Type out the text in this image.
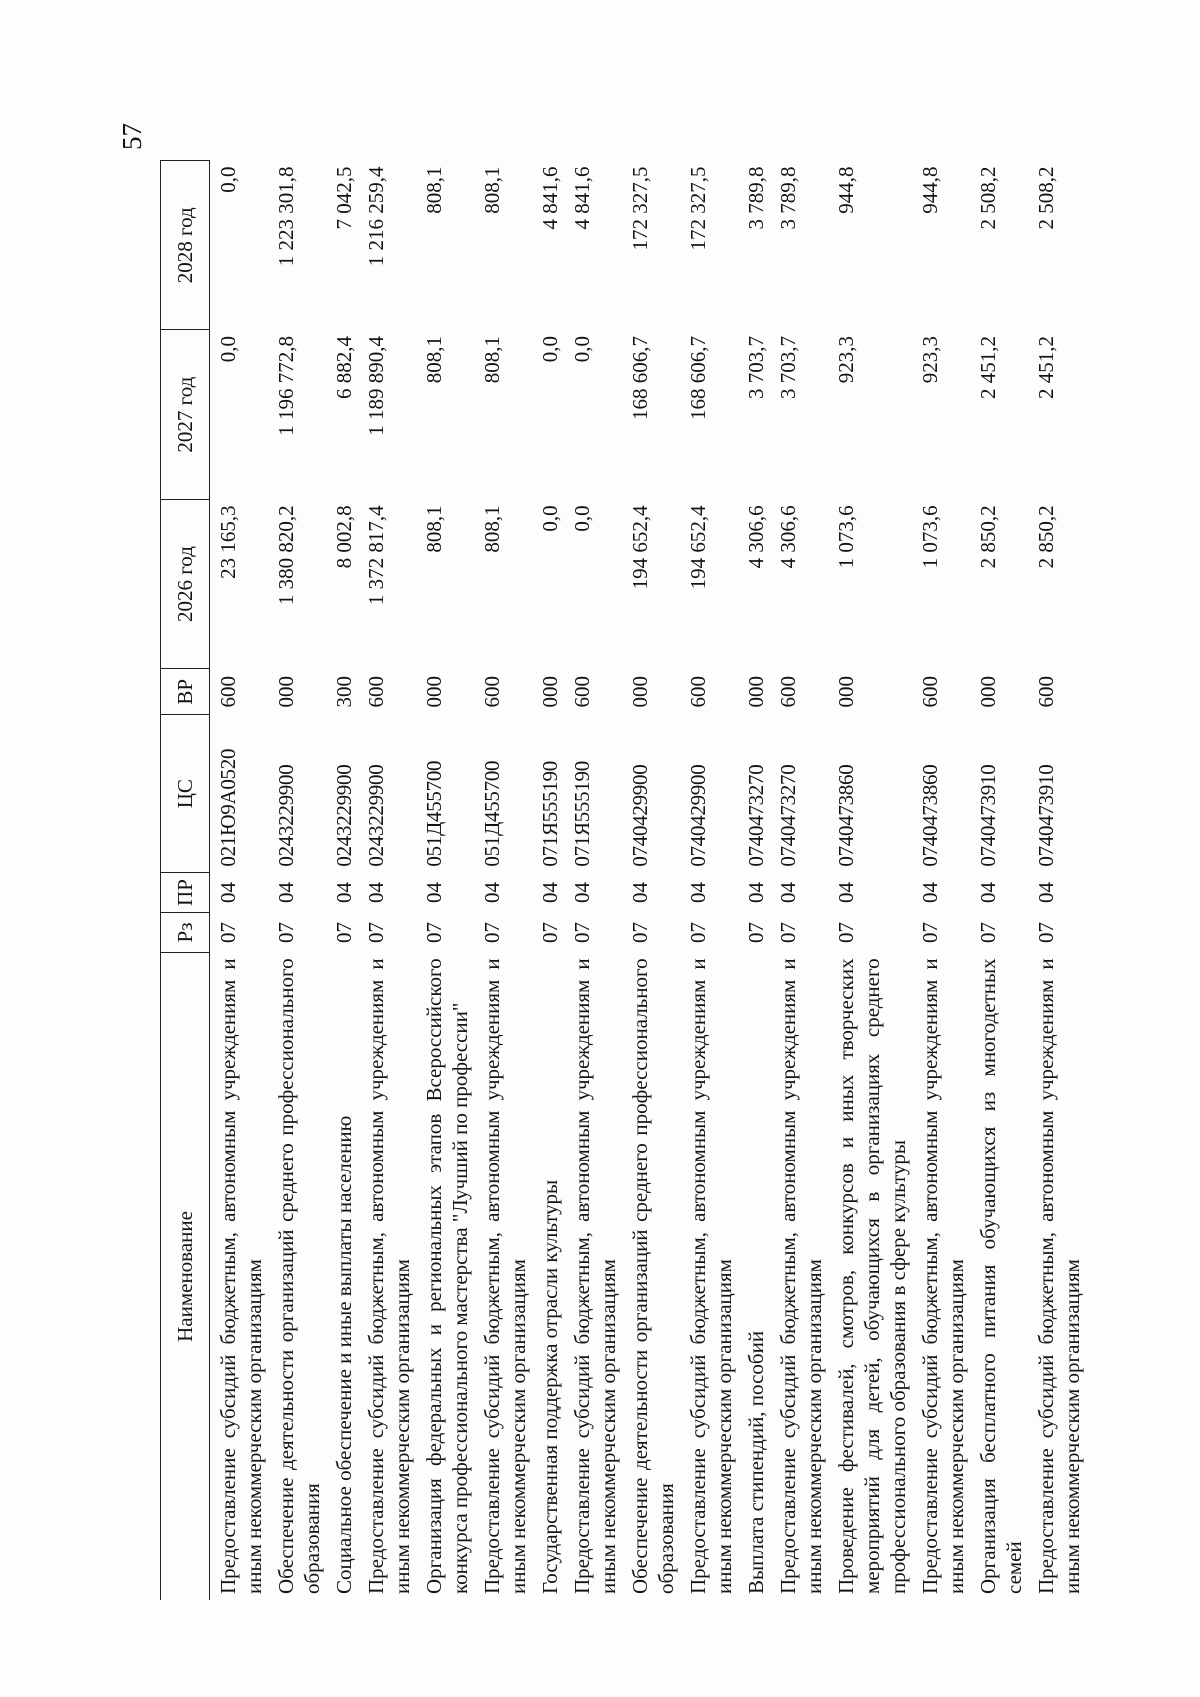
57
Наименование	Рз	ПР	ЦС	ВР	2026 год	2027 год	2028 год
Предоставление субсидий бюджетным, автономным учреждениям и иным некоммерческим организациям	07	04	021Ю9А0520	600	23 165,3	0,0	0,0
Обеспечение деятельности организаций среднего профессионального образования	07	04	0243229900	000	1 380 820,2	1 196 772,8	1 223 301,8
Социальное обеспечение и иные выплаты населению	07	04	0243229900	300	8 002,8	6 882,4	7 042,5
Предоставление субсидий бюджетным, автономным учреждениям и иным некоммерческим организациям	07	04	0243229900	600	1 372 817,4	1 189 890,4	1 216 259,4
Организация федеральных и региональных этапов Всероссийского конкурса профессионального мастерства "Лучший по профессии"	07	04	051Д455700	000	808,1	808,1	808,1
Предоставление субсидий бюджетным, автономным учреждениям и иным некоммерческим организациям	07	04	051Д455700	600	808,1	808,1	808,1
Государственная поддержка отрасли культуры	07	04	071Я555190	000	0,0	0,0	4 841,6
Предоставление субсидий бюджетным, автономным учреждениям и иным некоммерческим организациям	07	04	071Я555190	600	0,0	0,0	4 841,6
Обеспечение деятельности организаций среднего профессионального образования	07	04	0740429900	000	194 652,4	168 606,7	172 327,5
Предоставление субсидий бюджетным, автономным учреждениям и иным некоммерческим организациям	07	04	0740429900	600	194 652,4	168 606,7	172 327,5
Выплата стипендий, пособий	07	04	0740473270	000	4 306,6	3 703,7	3 789,8
Предоставление субсидий бюджетным, автономным учреждениям и иным некоммерческим организациям	07	04	0740473270	600	4 306,6	3 703,7	3 789,8
Проведение фестивалей, смотров, конкурсов и иных творческих мероприятий для детей, обучающихся в организациях среднего профессионального образования в сфере культуры	07	04	0740473860	000	1 073,6	923,3	944,8
Предоставление субсидий бюджетным, автономным учреждениям и иным некоммерческим организациям	07	04	0740473860	600	1 073,6	923,3	944,8
Организация бесплатного питания обучающихся из многодетных семей	07	04	0740473910	000	2 850,2	2 451,2	2 508,2
Предоставление субсидий бюджетным, автономным учреждениям и иным некоммерческим организациям	07	04	0740473910	600	2 850,2	2 451,2	2 508,2
